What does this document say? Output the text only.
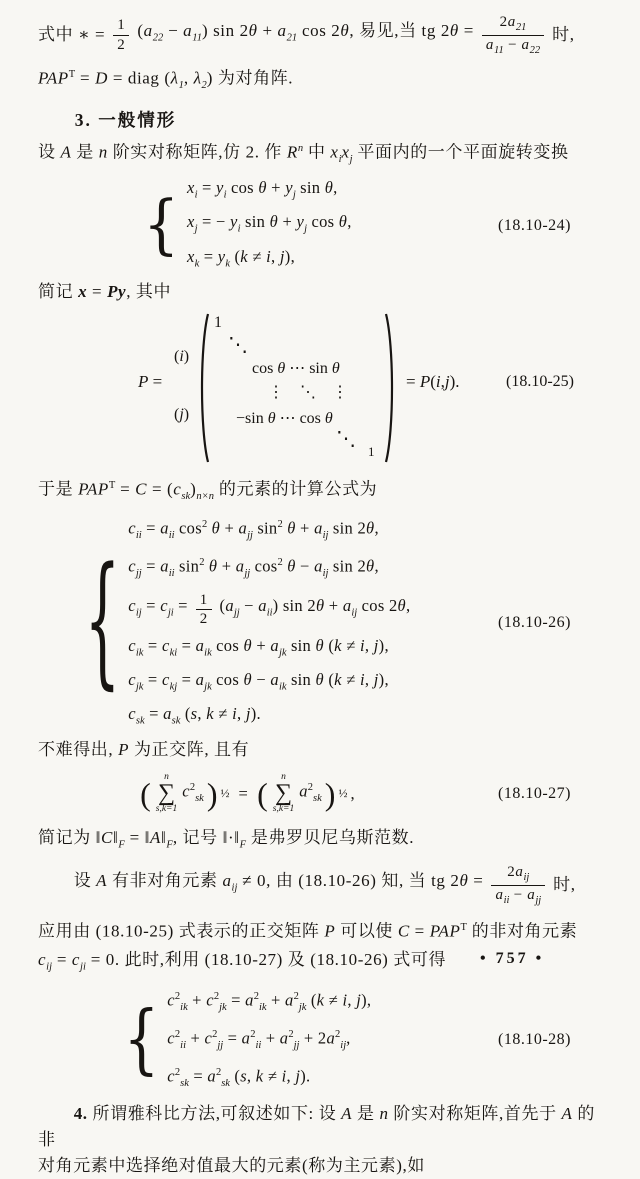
式中 ∗ = $\frac{1}{2} (a_{22} - a_{11})$ $\sin 2\theta + a_{21}$ cos 2θ, 易见,当 tg $2\theta = \frac{2a_{21}}{a_{11} - a_{22}}$ 时,
$PAP^T = D$ = diag ($\lambda_1$, $\lambda_2$) 为对角阵.
3. 一般情形
设 A 是 n 阶实对称矩阵,仿 2. 作 $R^n$ 中 $x_ix_j$ 平面内的一个平面旋转变换
{
$x_i = y_i$ $\cos \theta + y_j$ sin θ,
$x_j$ = − $y_i$ $\sin \theta + y_j$ cos θ,
$x_k = y_k$ (k ≠ i, j),
(18.10-24)
简记 x = Py, 其中
P =
(i)
(j)
1
⋱
cos θ ⋯ sin θ
⋮⋱⋮
−sin θ ⋯ cos θ
⋱
1
= P(i,j).	(18.10-25)
于是 $PAP^T = C = (c_{sk})_{n\times n}$ 的元素的计算公式为
{
$c_{ii} = a_{ii}$ $\cos^2 \theta + a_{jj}$ $\sin^2 \theta + a_{ij}$ sin 2θ,
$c_{jj} = a_{ii}$ $\sin^2 \theta + a_{jj}$ $\cos^2 \theta - a_{ij}$ sin 2θ,
$c_{ij} = c_{ji} = \frac{1}{2} (a_{jj} - a_{ii})$ $\sin 2\theta + a_{ij}$ cos 2θ,
$c_{ik} = c_{ki} = a_{ik}$ $\cos \theta + a_{jk}$ sin θ (k ≠ i, j),
$c_{jk} = c_{kj} = a_{jk}$ $\cos \theta - a_{ik}$ sin θ (k ≠ i, j),
$c_{sk} = a_{sk}$ (s, k ≠ i, j).
(18.10-26)
不难得出, P 为正交阵, 且有
( n
∑
s,k=1
$c^2_{sk}$ ) ½ = ( n
∑
s,k=1
$a^2_{sk}$ ) ½ ,	(18.10-27)
简记为 $‖C‖_F$ = $‖A‖_F$, 记号 $‖\cdot‖_F$ 是弗罗贝尼乌斯范数.
设 A 有非对角元素 $a_{ij} \ne 0$, 由 (18.10-26) 知, 当 tg $2\theta = \frac{2a_{ij}}{a_{ii} - a_{jj}}$ 时,
应用由 (18.10-25) 式表示的正交矩阵 P 可以使 $C = PAP^T$ 的非对角元素
$c_{ij} = c_{ji} = 0$. 此时,利用 (18.10-27) 及 (18.10-26) 式可得
{ $c^2_{ik} + c^2_{jk} = a^2_{ik} + a^2_{jk}$ (k ≠ i, j),
$c^2_{ii} + c^2_{jj} = a^2_{ii} + a^2_{jj} + 2a^2_{ij}$,
$c^2_{sk} = a^2_{sk}$ (s, k ≠ i, j).
(18.10-28)
4. 所谓雅科比方法,可叙述如下: 设 A 是 n 阶实对称矩阵,首先于 A 的非
对角元素中选择绝对值最大的元素(称为主元素),如
• 757 •
